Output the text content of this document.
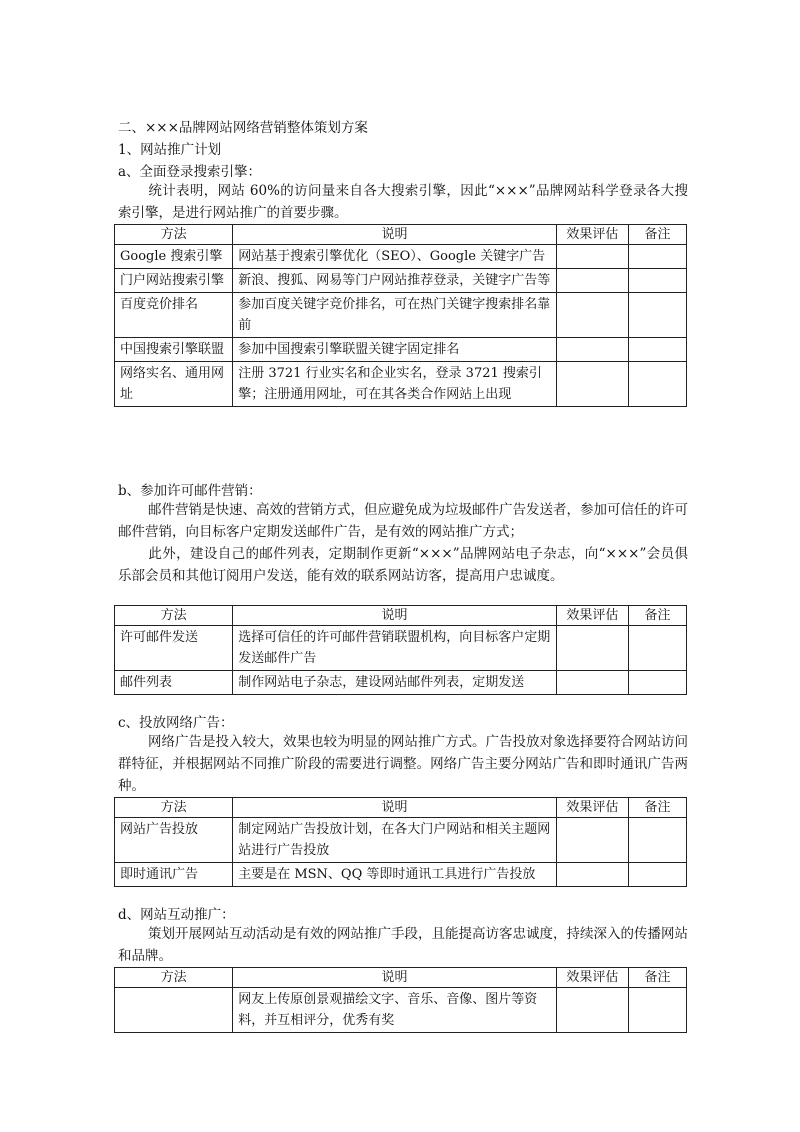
二、×××品牌网站网络营销整体策划方案
1、网站推广计划
a、全面登录搜索引擎：
统计表明，网站 60%的访问量来自各大搜索引擎，因此“×××”品牌网站科学登录各大搜索引擎，是进行网站推广的首要步骤。
方法	说明	效果评估	备注
Google 搜索引擎	网站基于搜索引擎优化（SEO）、Google 关键字广告		
门户网站搜索引擎	新浪、搜狐、网易等门户网站推荐登录，关键字广告等		
百度竞价排名	参加百度关键字竞价排名，可在热门关键字搜索排名靠前		
中国搜索引擎联盟	参加中国搜索引擎联盟关键字固定排名		
网络实名、通用网址	注册 3721 行业实名和企业实名，登录 3721 搜索引擎；注册通用网址，可在其各类合作网站上出现		
b、参加许可邮件营销：
邮件营销是快速、高效的营销方式，但应避免成为垃圾邮件广告发送者，参加可信任的许可邮件营销，向目标客户定期发送邮件广告，是有效的网站推广方式；
此外，建设自己的邮件列表，定期制作更新“×××”品牌网站电子杂志，向“×××”会员俱乐部会员和其他订阅用户发送，能有效的联系网站访客，提高用户忠诚度。
方法	说明	效果评估	备注
许可邮件发送	选择可信任的许可邮件营销联盟机构，向目标客户定期发送邮件广告		
邮件列表	制作网站电子杂志，建设网站邮件列表，定期发送		
c、投放网络广告：
网络广告是投入较大，效果也较为明显的网站推广方式。广告投放对象选择要符合网站访问群特征，并根据网站不同推广阶段的需要进行调整。网络广告主要分网站广告和即时通讯广告两种。
方法	说明	效果评估	备注
网站广告投放	制定网站广告投放计划，在各大门户网站和相关主题网站进行广告投放		
即时通讯广告	主要是在 MSN、QQ 等即时通讯工具进行广告投放		
d、网站互动推广：
策划开展网站互动活动是有效的网站推广手段，且能提高访客忠诚度，持续深入的传播网站和品牌。
方法	说明	效果评估	备注
	网友上传原创景观描绘文字、音乐、音像、图片等资料，并互相评分，优秀有奖		
